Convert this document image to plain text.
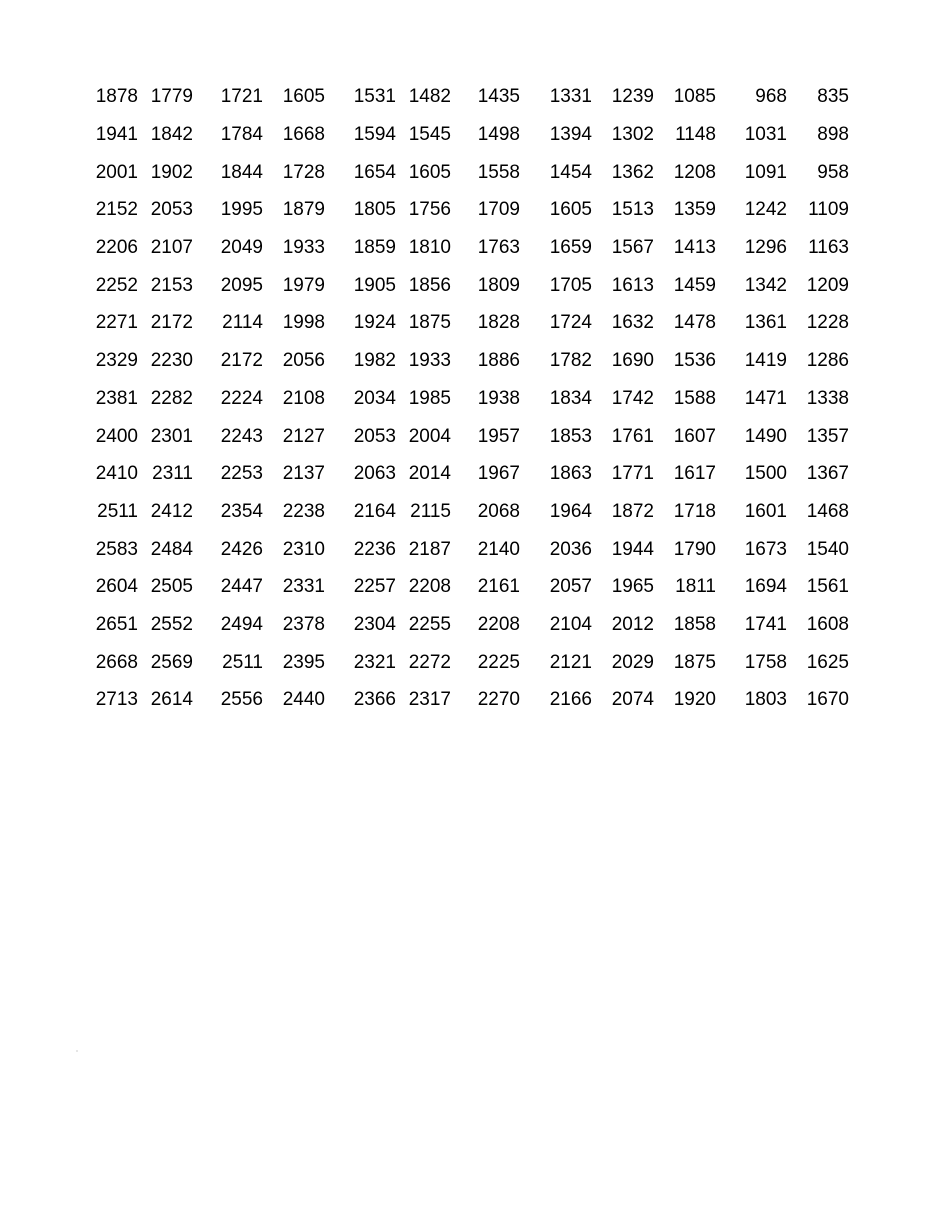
1878	1779	1721	1605	1531	1482	1435	1331	1239	1085	968	835
1941	1842	1784	1668	1594	1545	1498	1394	1302	1148	1031	898
2001	1902	1844	1728	1654	1605	1558	1454	1362	1208	1091	958
2152	2053	1995	1879	1805	1756	1709	1605	1513	1359	1242	1109
2206	2107	2049	1933	1859	1810	1763	1659	1567	1413	1296	1163
2252	2153	2095	1979	1905	1856	1809	1705	1613	1459	1342	1209
2271	2172	2114	1998	1924	1875	1828	1724	1632	1478	1361	1228
2329	2230	2172	2056	1982	1933	1886	1782	1690	1536	1419	1286
2381	2282	2224	2108	2034	1985	1938	1834	1742	1588	1471	1338
2400	2301	2243	2127	2053	2004	1957	1853	1761	1607	1490	1357
2410	2311	2253	2137	2063	2014	1967	1863	1771	1617	1500	1367
2511	2412	2354	2238	2164	2115	2068	1964	1872	1718	1601	1468
2583	2484	2426	2310	2236	2187	2140	2036	1944	1790	1673	1540
2604	2505	2447	2331	2257	2208	2161	2057	1965	1811	1694	1561
2651	2552	2494	2378	2304	2255	2208	2104	2012	1858	1741	1608
2668	2569	2511	2395	2321	2272	2225	2121	2029	1875	1758	1625
2713	2614	2556	2440	2366	2317	2270	2166	2074	1920	1803	1670
